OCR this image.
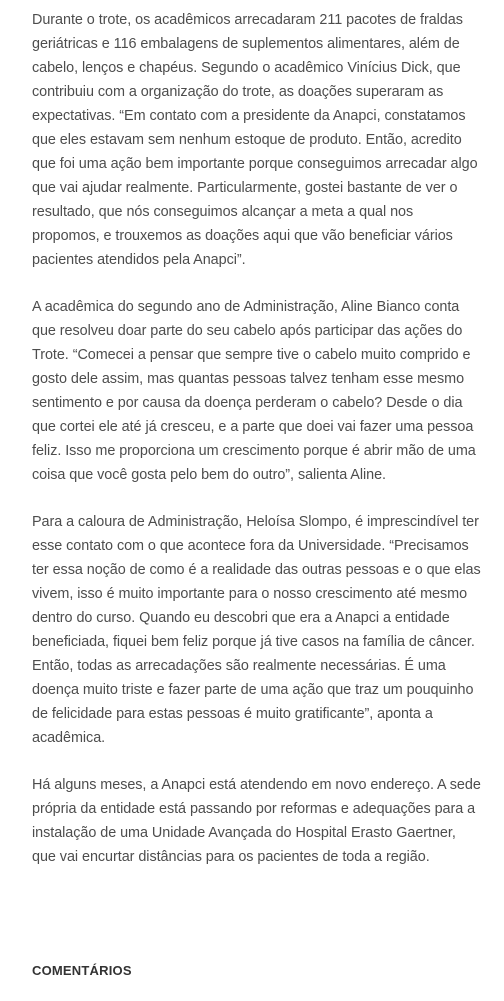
Durante o trote, os acadêmicos arrecadaram 211 pacotes de fraldas geriátricas e 116 embalagens de suplementos alimentares, além de cabelo, lenços e chapéus. Segundo o acadêmico Vinícius Dick, que contribuiu com a organização do trote, as doações superaram as expectativas. “Em contato com a presidente da Anapci, constatamos que eles estavam sem nenhum estoque de produto. Então, acredito que foi uma ação bem importante porque conseguimos arrecadar algo que vai ajudar realmente. Particularmente, gostei bastante de ver o resultado, que nós conseguimos alcançar a meta a qual nos propomos, e trouxemos as doações aqui que vão beneficiar vários pacientes atendidos pela Anapci”.

A acadêmica do segundo ano de Administração, Aline Bianco conta que resolveu doar parte do seu cabelo após participar das ações do Trote. “Comecei a pensar que sempre tive o cabelo muito comprido e gosto dele assim, mas quantas pessoas talvez tenham esse mesmo sentimento e por causa da doença perderam o cabelo? Desde o dia que cortei ele até já cresceu, e a parte que doei vai fazer uma pessoa feliz. Isso me proporciona um crescimento porque é abrir mão de uma coisa que você gosta pelo bem do outro”, salienta Aline.

Para a caloura de Administração, Heloísa Slompo, é imprescindível ter esse contato com o que acontece fora da Universidade. “Precisamos ter essa noção de como é a realidade das outras pessoas e o que elas vivem, isso é muito importante para o nosso crescimento até mesmo dentro do curso. Quando eu descobri que era a Anapci a entidade beneficiada, fiquei bem feliz porque já tive casos na família de câncer. Então, todas as arrecadações são realmente necessárias. É uma doença muito triste e fazer parte de uma ação que traz um pouquinho de felicidade para estas pessoas é muito gratificante”, aponta a acadêmica.

Há alguns meses, a Anapci está atendendo em novo endereço. A sede própria da entidade está passando por reformas e adequações para a instalação de uma Unidade Avançada do Hospital Erasto Gaertner, que vai encurtar distâncias para os pacientes de toda a região.

COMENTÁRIOS
